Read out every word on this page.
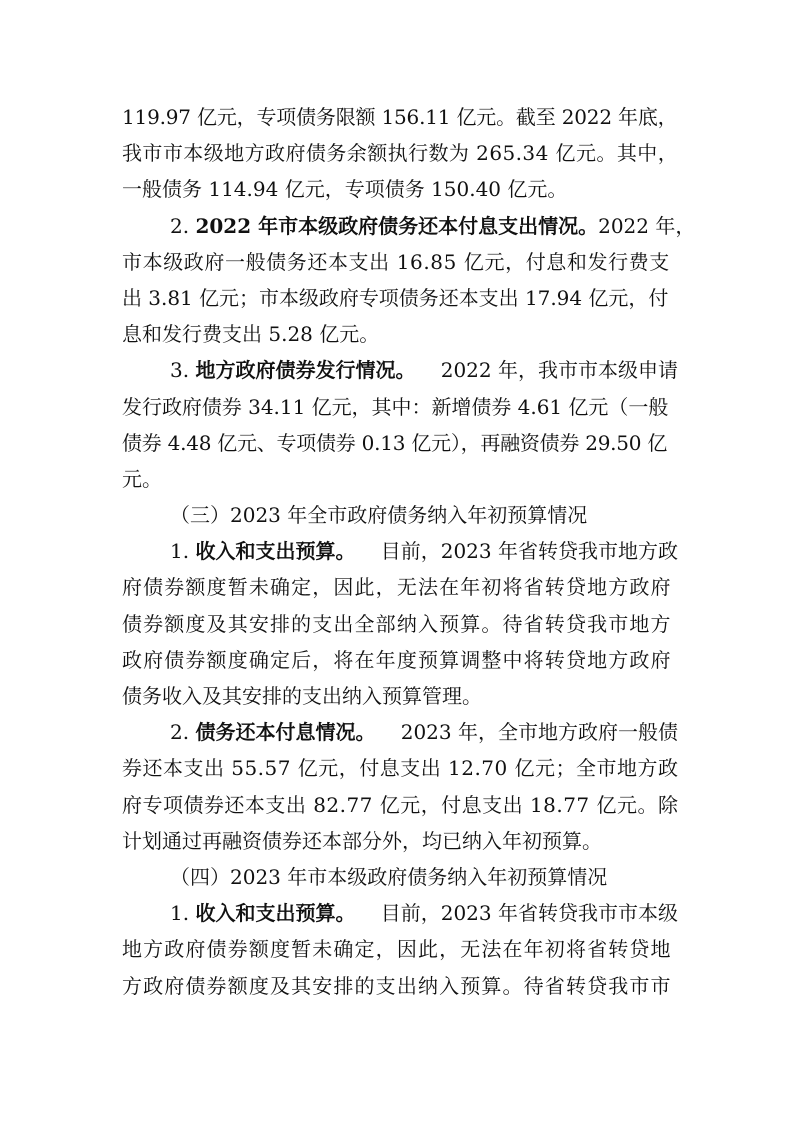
119.97 亿元，专项债务限额 156.11 亿元。截至 2022 年底，
我市市本级地方政府债务余额执行数为 265.34 亿元。其中，
一般债务 114.94 亿元，专项债务 150.40 亿元。
2. 2022 年市本级政府债务还本付息支出情况。 2022 年，
市本级政府一般债务还本支出 16.85 亿元，付息和发行费支
出 3.81 亿元；市本级政府专项债务还本支出 17.94 亿元，付
息和发行费支出 5.28 亿元。
3. 地方政府债券发行情况。 2022 年，我市市本级申请
发行政府债券 34.11 亿元，其中：新增债券 4.61 亿元（一般
债券 4.48 亿元、专项债券 0.13 亿元），再融资债券 29.50 亿
元。
（三）2023 年全市政府债务纳入年初预算情况
1. 收入和支出预算。 目前，2023 年省转贷我市地方政
府债券额度暂未确定，因此，无法在年初将省转贷地方政府
债券额度及其安排的支出全部纳入预算。待省转贷我市地方
政府债券额度确定后，将在年度预算调整中将转贷地方政府
债务收入及其安排的支出纳入预算管理。
2. 债务还本付息情况。 2023 年，全市地方政府一般债
券还本支出 55.57 亿元，付息支出 12.70 亿元；全市地方政
府专项债券还本支出 82.77 亿元，付息支出 18.77 亿元。除
计划通过再融资债券还本部分外，均已纳入年初预算。
（四）2023 年市本级政府债务纳入年初预算情况
1. 收入和支出预算。 目前，2023 年省转贷我市市本级
地方政府债券额度暂未确定，因此，无法在年初将省转贷地
方政府债券额度及其安排的支出纳入预算。待省转贷我市市
